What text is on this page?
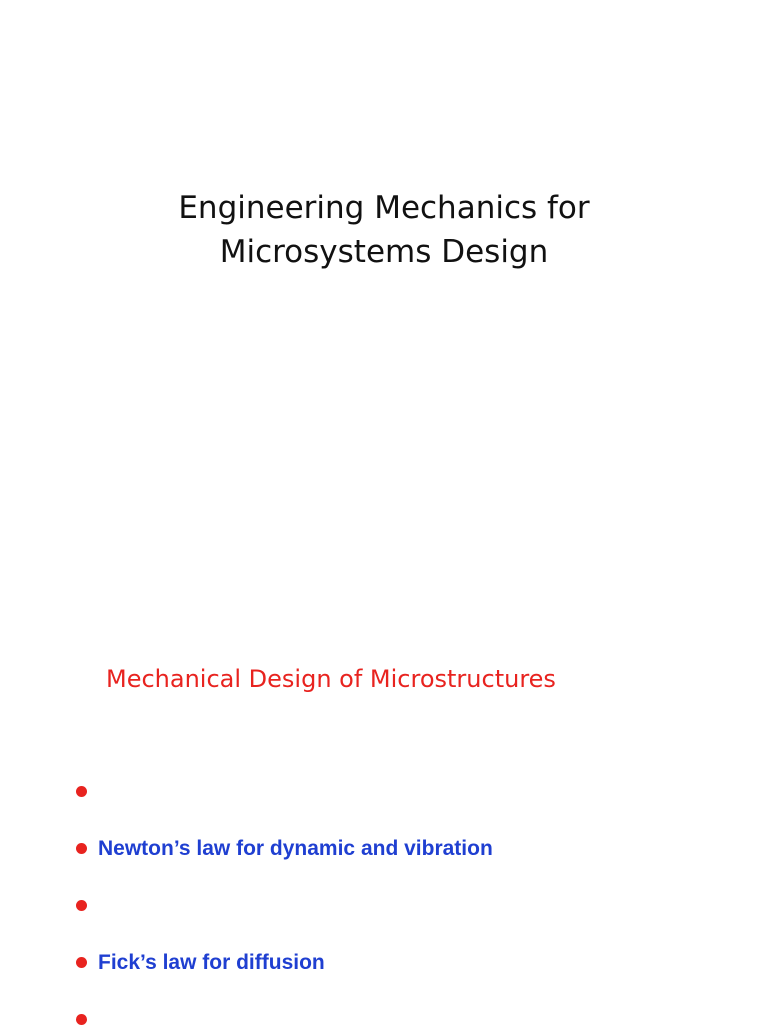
Engineering Mechanics for
Microsystems Design
Mechanical Design of Microstructures
Newton’s law for dynamic and vibration
Fick’s law for diffusion
